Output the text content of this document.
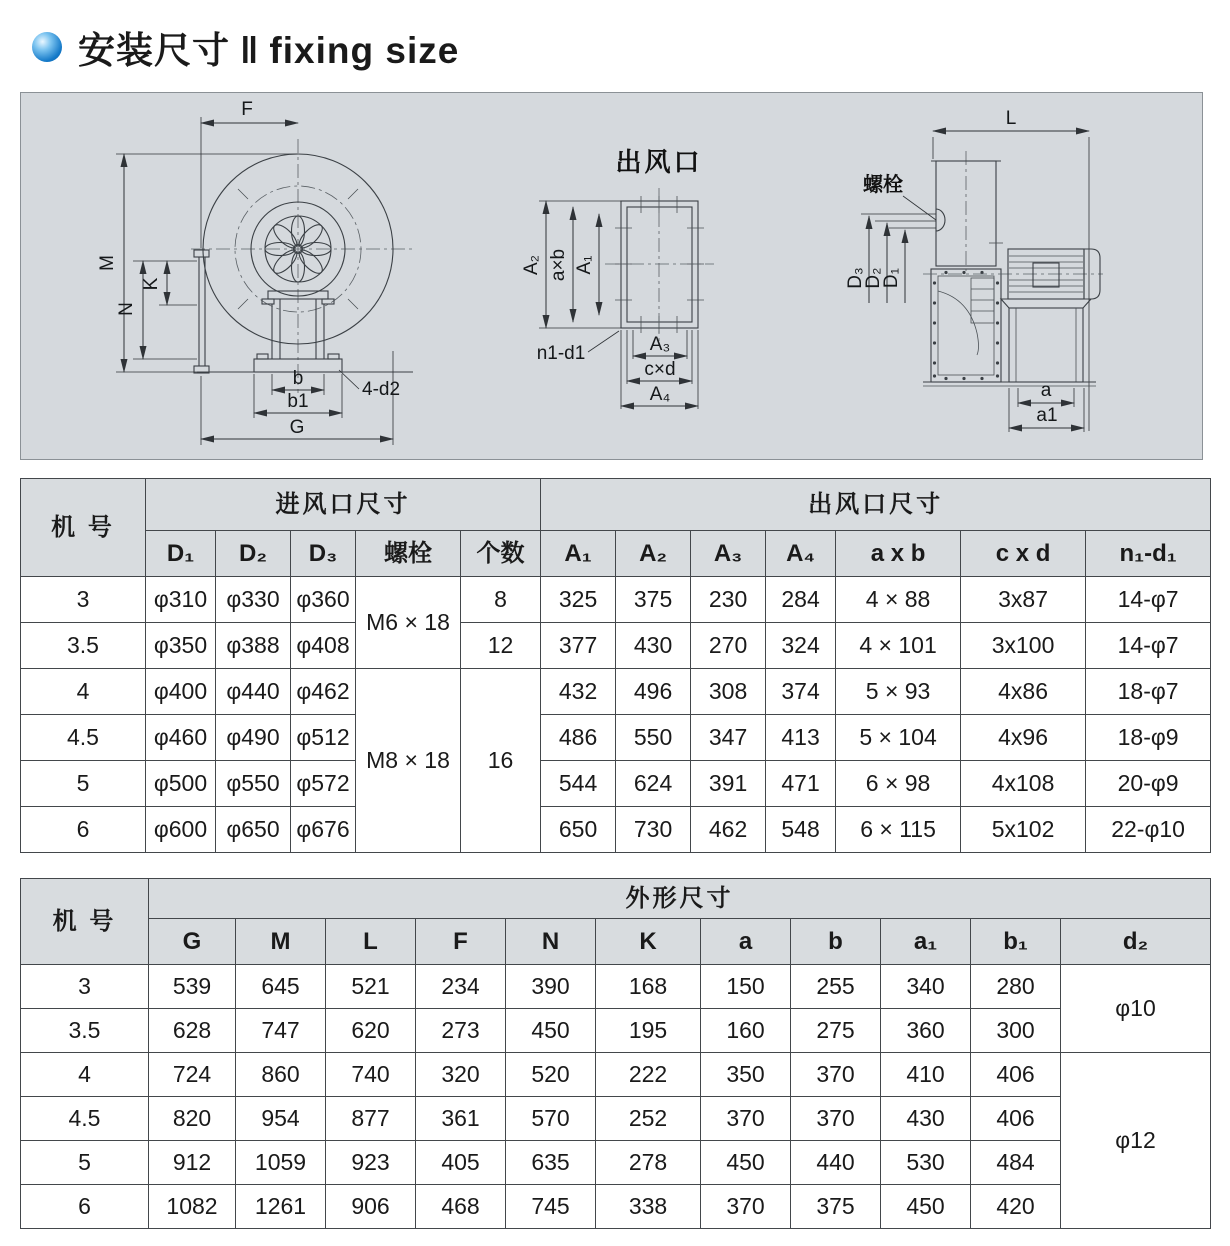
安装尺寸 ‖ fixing size
F
M
K
N
b
b1
G
4-d2
出风口
A₂ a×b A₁
A₃
c×d
A₄
n1-d1
L
螺栓
D₃
D₂
D₁
a
a1
机 号	进风口尺寸					出风口尺寸						
	D₁	D₂	D₃	螺栓	个数	A₁	A₂	A₃	A₄	a x b	c x d	n₁-d₁
3	φ310	φ330	φ360	M6 × 18	8	325	375	230	284	4 × 88	3x87	14-φ7
3.5	φ350	φ388	φ408		12	377	430	270	324	4 × 101	3x100	14-φ7
4	φ400	φ440	φ462	M8 × 18	16	432	496	308	374	5 × 93	4x86	18-φ7
4.5	φ460	φ490	φ512			486	550	347	413	5 × 104	4x96	18-φ9
5	φ500	φ550	φ572			544	624	391	471	6 × 98	4x108	20-φ9
6	φ600	φ650	φ676			650	730	462	548	6 × 115	5x102	22-φ10
机 号	外形尺寸										
	G	M	L	F	N	K	a	b	a₁	b₁	d₂
3	539	645	521	234	390	168	150	255	340	280	φ10
3.5	628	747	620	273	450	195	160	275	360	300	
4	724	860	740	320	520	222	350	370	410	406	φ12
4.5	820	954	877	361	570	252	370	370	430	406	
5	912	1059	923	405	635	278	450	440	530	484	
6	1082	1261	906	468	745	338	370	375	450	420	
